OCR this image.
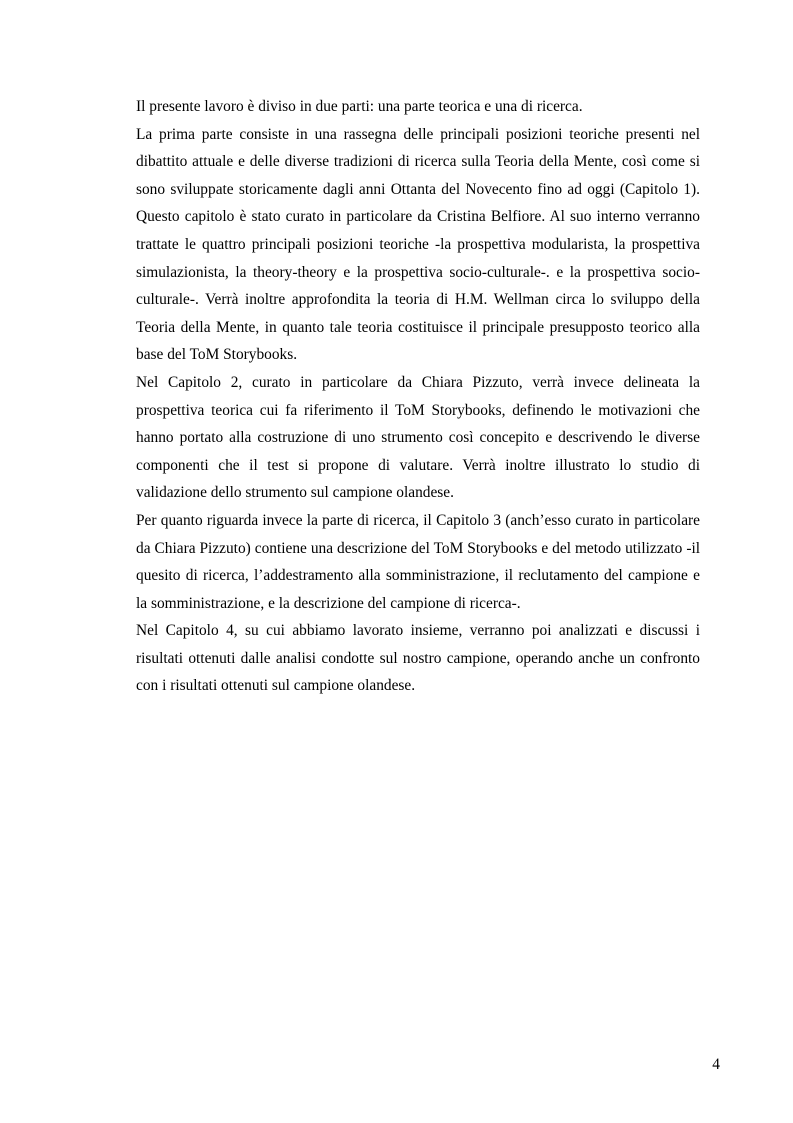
Il presente lavoro è diviso in due parti: una parte teorica e una di ricerca.

La prima parte consiste in una rassegna delle principali posizioni teoriche presenti nel dibattito attuale e delle diverse tradizioni di ricerca sulla Teoria della Mente, così come si sono sviluppate storicamente dagli anni Ottanta del Novecento fino ad oggi (Capitolo 1). Questo capitolo è stato curato in particolare da Cristina Belfiore. Al suo interno verranno trattate le quattro principali posizioni teoriche -la prospettiva modularista, la prospettiva simulazionista, la theory-theory e la prospettiva socio-culturale-. e la prospettiva socio-culturale-. Verrà inoltre approfondita la teoria di H.M. Wellman circa lo sviluppo della Teoria della Mente, in quanto tale teoria costituisce il principale presupposto teorico alla base del ToM Storybooks.

Nel Capitolo 2, curato in particolare da Chiara Pizzuto, verrà invece delineata la prospettiva teorica cui fa riferimento il ToM Storybooks, definendo le motivazioni che hanno portato alla costruzione di uno strumento così concepito e descrivendo le diverse componenti che il test si propone di valutare. Verrà inoltre illustrato lo studio di validazione dello strumento sul campione olandese.

Per quanto riguarda invece la parte di ricerca, il Capitolo 3 (anch’esso curato in particolare da Chiara Pizzuto) contiene una descrizione del ToM Storybooks e del metodo utilizzato -il quesito di ricerca, l’addestramento alla somministrazione, il reclutamento del campione e la somministrazione, e la descrizione del campione di ricerca-.

Nel Capitolo 4, su cui abbiamo lavorato insieme, verranno poi analizzati e discussi i risultati ottenuti dalle analisi condotte sul nostro campione, operando anche un confronto con i risultati ottenuti sul campione olandese.

4
